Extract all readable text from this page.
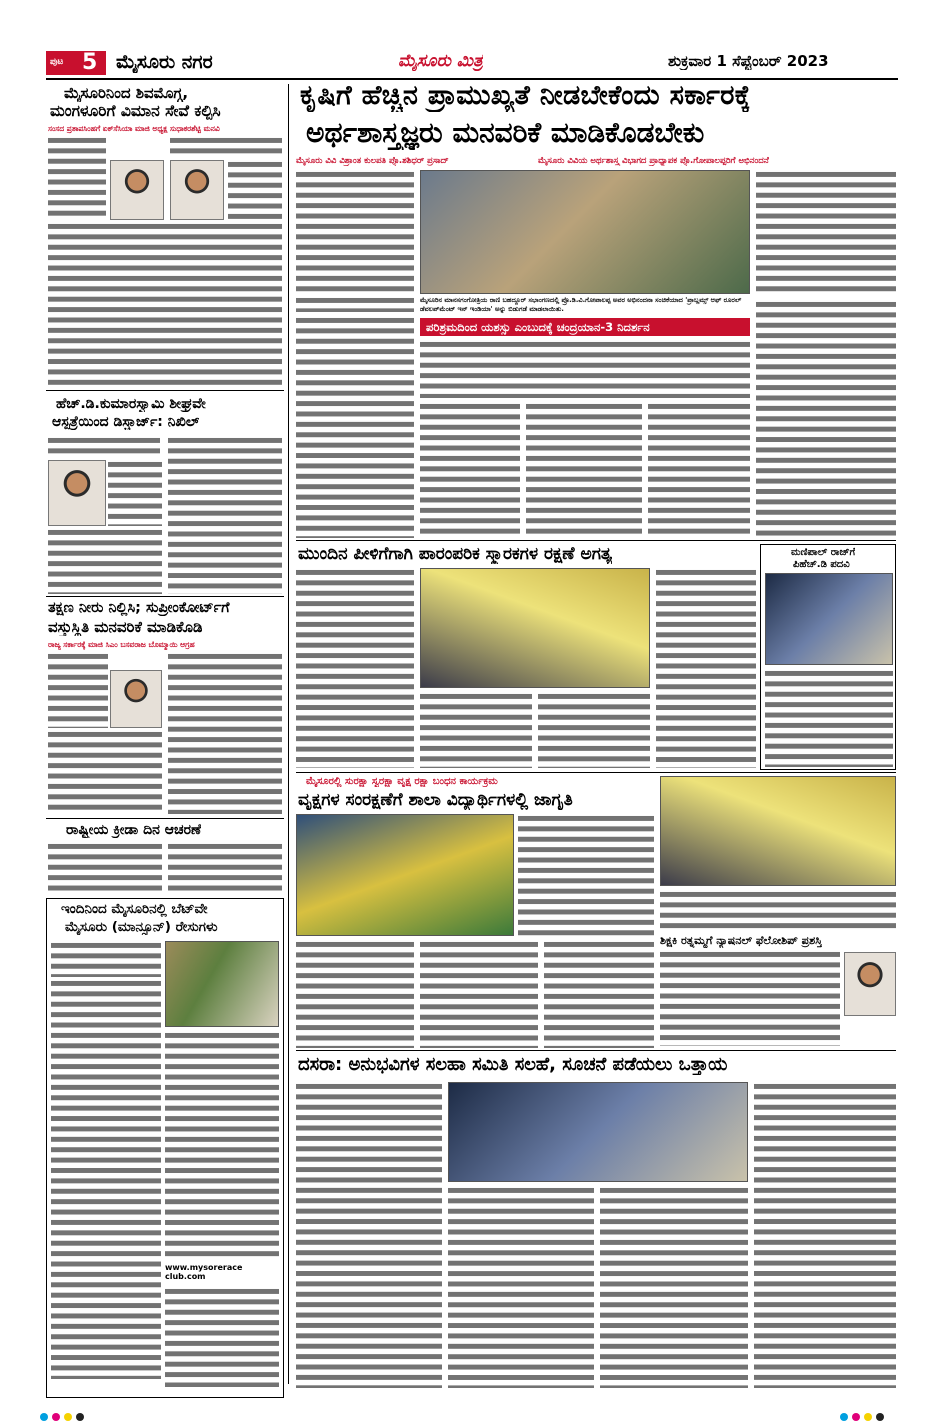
ಪುಟ 5 ಮೈಸೂರು ನಗರ	ಮೈಸೂರು ಮಿತ್ರ	ಶುಕ್ರವಾರ 1 ಸೆಪ್ಟೆಂಬರ್ 2023
ಮೈಸೂರಿನಿಂದ ಶಿವಮೊಗ್ಗ,
ಮಂಗಳೂರಿಗೆ ವಿಮಾನ ಸೇವೆ ಕಲ್ಪಿಸಿ
ಸಂಸದ ಪ್ರತಾಪಸಿಂಹಗೆ ಏಕ್‌ಸೆಸಿಯಾ ಮಾಜಿ ಅಧ್ಯಕ್ಷ ಸುಧಾಕರಶೆಟ್ಟಿ ಮನವಿ
ಹೆಚ್.ಡಿ.ಕುಮಾರಸ್ವಾಮಿ ಶೀಘ್ರವೇ
ಆಸ್ಪತ್ರೆಯಿಂದ ಡಿಸ್ಚಾರ್ಜ್: ನಿಖಿಲ್
ತಕ್ಷಣ ನೀರು ನಿಲ್ಲಿಸಿ; ಸುಪ್ರೀಂಕೋರ್ಟ್‌ಗೆ
ವಸ್ತುಸ್ಥಿತಿ ಮನವರಿಕೆ ಮಾಡಿಕೊಡಿ
ರಾಜ್ಯ ಸರ್ಕಾರಕ್ಕೆ ಮಾಜಿ ಸಿಎಂ ಬಸವರಾಜ ಬೊಮ್ಮಾಯಿ ಆಗ್ರಹ
ರಾಷ್ಟ್ರೀಯ ಕ್ರೀಡಾ ದಿನ ಆಚರಣೆ
ಇಂದಿನಿಂದ ಮೈಸೂರಿನಲ್ಲಿ ಬೆಟ್‌ವೇ
ಮೈಸೂರು (ಮಾನ್ಸೂನ್) ರೇಸುಗಳು
www.mysorerace club.com
ಕೃಷಿಗೆ ಹೆಚ್ಚಿನ ಪ್ರಾಮುಖ್ಯತೆ ನೀಡಬೇಕೆಂದು ಸರ್ಕಾರಕ್ಕೆ
ಅರ್ಥಶಾಸ್ತ್ರಜ್ಞರು ಮನವರಿಕೆ ಮಾಡಿಕೊಡಬೇಕು
ಮೈಸೂರು ವಿವಿ ವಿಶ್ರಾಂತ ಕುಲಪತಿ ಪ್ರೊ.ಶಶಿಧರ್ ಪ್ರಸಾದ್	ಮೈಸೂರು ವಿವಿಯ ಅರ್ಥಶಾಸ್ತ್ರ ವಿಭಾಗದ ಪ್ರಾಧ್ಯಾಪಕ ಪ್ರೊ.ಗೋಪಾಲಪ್ಪರಿಗೆ ಅಭಿನಂದನೆ
ಮೈಸೂರಿನ ಮಾನಸಗಂಗೋತ್ರಿಯ ರಾಣಿ ಬಹದ್ದೂರ್ ಸಭಾಂಗಣದಲ್ಲಿ ಪ್ರೊ.ಡಿ.ವಿ.ಗೋಪಾಲಪ್ಪ ಅವರ ಅಭಿನಂದನಾ ಸಂಚಿಕೆಯಾದ 'ಪ್ರಾಬ್ಲಮ್ಸ್ ಆಫ್ ರೂರಲ್ ಡೆವಲಪ್‌ಮೆಂಟ್ ಇನ್ ಇಂಡಿಯಾ' ಅನ್ನು ಬಿಡುಗಡೆ ಮಾಡಲಾಯಿತು.
ಪರಿಶ್ರಮದಿಂದ ಯಶಸ್ಸು ಎಂಬುದಕ್ಕೆ ಚಂದ್ರಯಾನ-3 ನಿದರ್ಶನ
ಮುಂದಿನ ಪೀಳಿಗೆಗಾಗಿ ಪಾರಂಪರಿಕ ಸ್ಮಾರಕಗಳ ರಕ್ಷಣೆ ಅಗತ್ಯ	ಮಣಿಪಾಲ್ ರಾಜ್‌ಗೆ
ಪಿಹೆಚ್.ಡಿ ಪದವಿ
ಮೈಸೂರಲ್ಲಿ ಸುರಕ್ಷಾ ಸ್ವರಕ್ಷಾ ವೃಕ್ಷ ರಕ್ಷಾ ಬಂಧನ ಕಾರ್ಯಕ್ರಮ
ವೃಕ್ಷಗಳ ಸಂರಕ್ಷಣೆಗೆ ಶಾಲಾ ವಿದ್ಯಾರ್ಥಿಗಳಲ್ಲಿ ಜಾಗೃತಿ
ಶಿಕ್ಷಕಿ ರತ್ನಮ್ಮಗೆ ನ್ಯಾಷನಲ್ ಫೆಲೋಶಿಪ್ ಪ್ರಶಸ್ತಿ
ದಸರಾ: ಅನುಭವಿಗಳ ಸಲಹಾ ಸಮಿತಿ ಸಲಹೆ, ಸೂಚನೆ ಪಡೆಯಲು ಒತ್ತಾಯ
